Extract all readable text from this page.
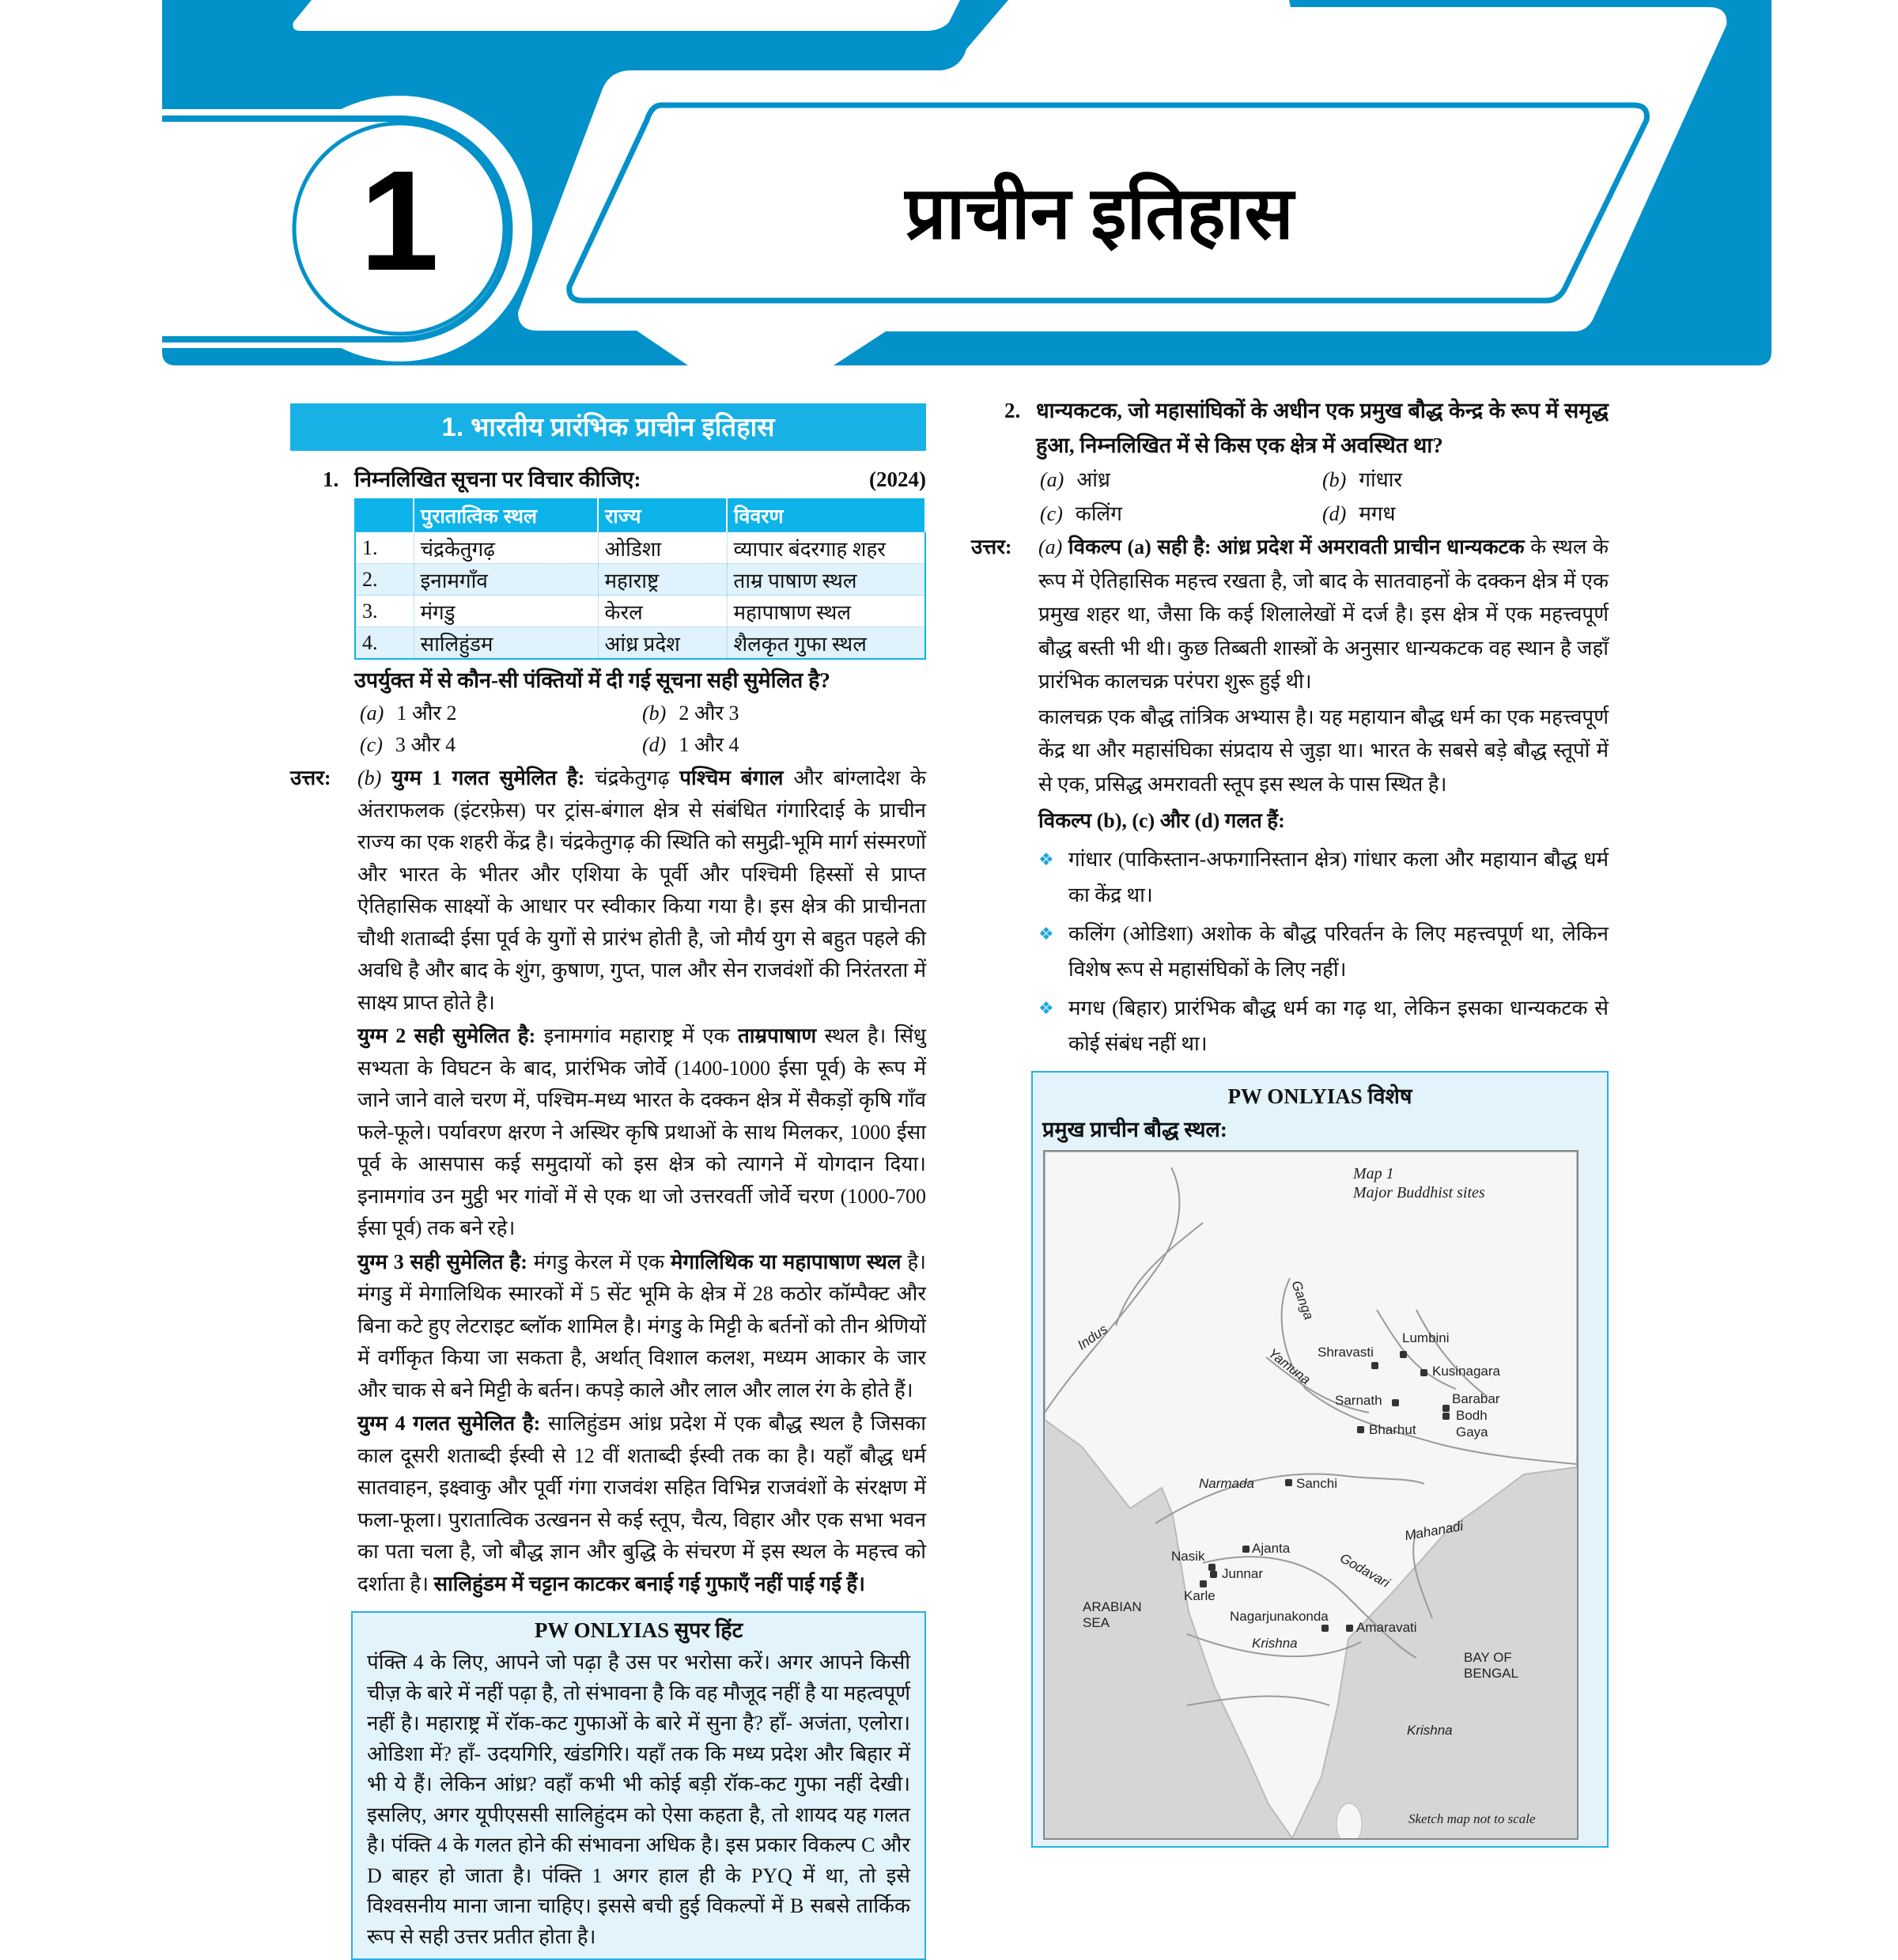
1	प्राचीन इतिहास
1. भारतीय प्रारंभिक प्राचीन इतिहास
1. निम्नलिखित सूचना पर विचार कीजिए:	(2024)
	पुरातात्विक स्थल	राज्य	विवरण
1.	चंद्रकेतुगढ़	ओडिशा	व्यापार बंदरगाह शहर
2.	इनामगाँव	महाराष्ट्र	ताम्र पाषाण स्थल
3.	मंगडु	केरल	महापाषाण स्थल
4.	सालिहुंडम	आंध्र प्रदेश	शैलकृत गुफा स्थल
उपर्युक्त में से कौन-सी पंक्तियों में दी गई सूचना सही सुमेलित है?
(a) 1 और 2	(b) 2 और 3
(c) 3 और 4	(d) 1 और 4
उत्तर:	(b) युग्म 1 गलत सुमेलित है: चंद्रकेतुगढ़ पश्चिम बंगाल और बांग्लादेश के अंतराफलक (इंटरफ़ेस) पर ट्रांस-बंगाल क्षेत्र से संबंधित गंगारिदाई के प्राचीन राज्य का एक शहरी केंद्र है। चंद्रकेतुगढ़ की स्थिति को समुद्री-भूमि मार्ग संस्मरणों और भारत के भीतर और एशिया के पूर्वी और पश्चिमी हिस्सों से प्राप्त ऐतिहासिक साक्ष्यों के आधार पर स्वीकार किया गया है। इस क्षेत्र की प्राचीनता चौथी शताब्दी ईसा पूर्व के युगों से प्रारंभ होती है, जो मौर्य युग से बहुत पहले की अवधि है और बाद के शुंग, कुषाण, गुप्त, पाल और सेन राजवंशों की निरंतरता में साक्ष्य प्राप्त होते है।

युग्म 2 सही सुमेलित है: इनामगांव महाराष्ट्र में एक ताम्रपाषाण स्थल है। सिंधु सभ्यता के विघटन के बाद, प्रारंभिक जोर्वे (1400-1000 ईसा पूर्व) के रूप में जाने जाने वाले चरण में, पश्चिम-मध्य भारत के दक्कन क्षेत्र में सैकड़ों कृषि गाँव फले-फूले। पर्यावरण क्षरण ने अस्थिर कृषि प्रथाओं के साथ मिलकर, 1000 ईसा पूर्व के आसपास कई समुदायों को इस क्षेत्र को त्यागने में योगदान दिया। इनामगांव उन मुट्ठी भर गांवों में से एक था जो उत्तरवर्ती जोर्वे चरण (1000-700 ईसा पूर्व) तक बने रहे।

युग्म 3 सही सुमेलित है: मंगडु केरल में एक मेगालिथिक या महापाषाण स्थल है। मंगडु में मेगालिथिक स्मारकों में 5 सेंट भूमि के क्षेत्र में 28 कठोर कॉम्पैक्ट और बिना कटे हुए लेटराइट ब्लॉक शामिल है। मंगडु के मिट्टी के बर्तनों को तीन श्रेणियों में वर्गीकृत किया जा सकता है, अर्थात् विशाल कलश, मध्यम आकार के जार और चाक से बने मिट्टी के बर्तन। कपड़े काले और लाल और लाल रंग के होते हैं।

युग्म 4 गलत सुमेलित है: सालिहुंडम आंध्र प्रदेश में एक बौद्ध स्थल है जिसका काल दूसरी शताब्दी ईस्वी से 12 वीं शताब्दी ईस्वी तक का है। यहाँ बौद्ध धर्म सातवाहन, इक्ष्वाकु और पूर्वी गंगा राजवंश सहित विभिन्न राजवंशों के संरक्षण में फला-फूला। पुरातात्विक उत्खनन से कई स्तूप, चैत्य, विहार और एक सभा भवन का पता चला है, जो बौद्ध ज्ञान और बुद्धि के संचरण में इस स्थल के महत्त्व को दर्शाता है। सालिहुंडम में चट्टान काटकर बनाई गई गुफाएँ नहीं पाई गई हैं।

PW ONLYIAS सुपर हिंट
पंक्ति 4 के लिए, आपने जो पढ़ा है उस पर भरोसा करें। अगर आपने किसी चीज़ के बारे में नहीं पढ़ा है, तो संभावना है कि वह मौजूद नहीं है या महत्वपूर्ण नहीं है। महाराष्ट्र में रॉक-कट गुफाओं के बारे में सुना है? हाँ- अजंता, एलोरा। ओडिशा में? हाँ- उदयगिरि, खंडगिरि। यहाँ तक कि मध्य प्रदेश और बिहार में भी ये हैं। लेकिन आंध्र? वहाँ कभी भी कोई बड़ी रॉक-कट गुफा नहीं देखी। इसलिए, अगर यूपीएससी सालिहुंदम को ऐसा कहता है, तो शायद यह गलत है। पंक्ति 4 के गलत होने की संभावना अधिक है। इस प्रकार विकल्प C और D बाहर हो जाता है। पंक्ति 1 अगर हाल ही के PYQ में था, तो इसे विश्वसनीय माना जाना चाहिए। इससे बची हुई विकल्पों में B सबसे तार्किक रूप से सही उत्तर प्रतीत होता है।
2. धान्यकटक, जो महासांघिकों के अधीन एक प्रमुख बौद्ध केन्द्र के रूप में समृद्ध हुआ, निम्नलिखित में से किस एक क्षेत्र में अवस्थित था?
(a) आंध्र	(b) गांधार
(c) कलिंग	(d) मगध
उत्तर:	(a) विकल्प (a) सही है: आंध्र प्रदेश में अमरावती प्राचीन धान्यकटक के स्थल के रूप में ऐतिहासिक महत्त्व रखता है, जो बाद के सातवाहनों के दक्कन क्षेत्र में एक प्रमुख शहर था, जैसा कि कई शिलालेखों में दर्ज है। इस क्षेत्र में एक महत्त्वपूर्ण बौद्ध बस्ती भी थी। कुछ तिब्बती शास्त्रों के अनुसार धान्यकटक वह स्थान है जहाँ प्रारंभिक कालचक्र परंपरा शुरू हुई थी।

कालचक्र एक बौद्ध तांत्रिक अभ्यास है। यह महायान बौद्ध धर्म का एक महत्त्वपूर्ण केंद्र था और महासंघिका संप्रदाय से जुड़ा था। भारत के सबसे बड़े बौद्ध स्तूपों में से एक, प्रसिद्ध अमरावती स्तूप इस स्थल के पास स्थित है।

विकल्प (b), (c) और (d) गलत हैं:

❖ गांधार (पाकिस्तान-अफगानिस्तान क्षेत्र) गांधार कला और महायान बौद्ध धर्म का केंद्र था।
❖ कलिंग (ओडिशा) अशोक के बौद्ध परिवर्तन के लिए महत्त्वपूर्ण था, लेकिन विशेष रूप से महासंघिकों के लिए नहीं।
❖ मगध (बिहार) प्रारंभिक बौद्ध धर्म का गढ़ था, लेकिन इसका धान्यकटक से कोई संबंध नहीं था।
PW ONLYIAS विशेष
प्रमुख प्राचीन बौद्ध स्थल:
Map 1
Major Buddhist sites
Indus
Ganga
Yamuna
Narmada
Mahanadi
Godavari
Krishna
Krishna
ARABIAN
SEA
BAY OF
BENGAL
Lumbini
Shravasti
Kusinagara
Sarnath	Barabar
Bodh
Gaya
Bharhut
Sanchi
Ajanta
Nasik
Junnar
Karle
Nagarjunakonda
Amaravati
Sketch map not to scale
